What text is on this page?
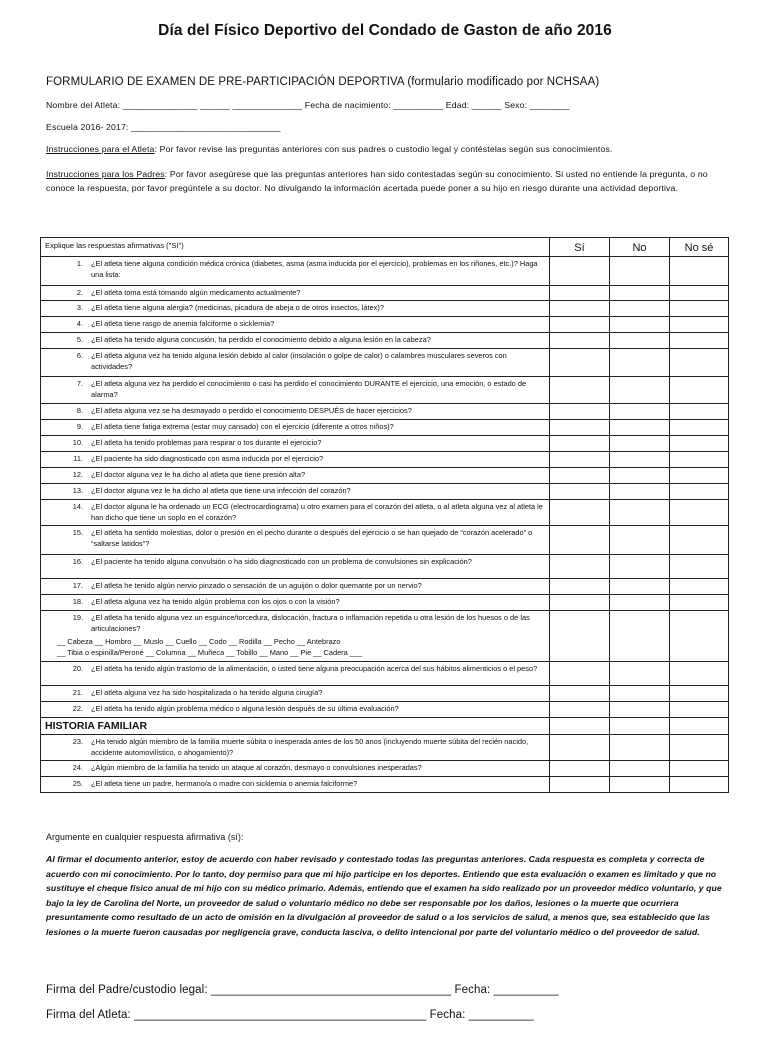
Día del Físico Deportivo del Condado de Gaston de año 2016
FORMULARIO DE EXAMEN DE PRE-PARTICIPACIÓN DEPORTIVA (formulario modificado por NCHSAA)
Nombre del Atleta: _______________ ______ ______________ Fecha de nacimiento: __________ Edad: ______ Sexo: ________
Escuela 2016- 2017: ______________________________
Instrucciones para el Atleta: Por favor revise las preguntas anteriores con sus padres o custodio legal y contéstelas según sus conocimientos.
Instrucciones para los Padres: Por favor asegúrese que las preguntas anteriores han sido contestadas según su conocimiento. Si usted no entiende la pregunta, o no conoce la respuesta, por favor pregúntele a su doctor. No divulgando la información acertada puede poner a su hijo en riesgo durante una actividad deportiva.
Explique las respuestas afirmativas ("Sí")	Sí	No	No sé

1. ¿El atleta tiene alguna condición médica crónica (diabetes, asma (asma inducida por el ejercicio), problemas en los riñones, etc.)? Haga una lista:			

2. ¿El atleta toma está tomando algún medicamento actualmente?			

3. ¿El atleta tiene alguna alergia? (medicinas, picadura de abeja o de otros insectos, látex)?			

4. ¿El atleta tiene rasgo de anemia falciforme o sicklemia?			

5. ¿El atleta ha tenido alguna concusión, ha perdido el conocimiento debido a alguna lesión en la cabeza?			

6. ¿El atleta alguna vez ha tenido alguna lesión debido al calor (insolación o golpe de calor) o calambres musculares severos con actividades?			

7. ¿El atleta alguna vez ha perdido el conocimiento o casi ha perdido el conocimiento DURANTE el ejercicio, una emoción, o estado de alarma?			

8. ¿El atleta alguna vez se ha desmayado o perdido el conocimiento DESPUÉS de hacer ejercicios?			

9. ¿El atleta tiene fatiga extrema (estar muy cansado) con el ejercicio (diferente a otros niños)?			

10. ¿El atleta ha tenido problemas para respirar o tos durante el ejercicio?			

11. ¿El paciente ha sido diagnosticado con asma inducida por el ejercicio?			

12. ¿El doctor alguna vez le ha dicho al atleta que tiene presión alta?			

13. ¿El doctor alguna vez le ha dicho al atleta que tiene una infección del corazón?			

14. ¿El doctor alguna le ha ordenado un ECG (electrocardiograma) u otro examen para el corazón del atleta, o al atleta alguna vez al atleta le han dicho que tiene un soplo en el corazón?			

15. ¿El atleta ha sentido molestias, dolor o presión en el pecho durante o después del ejercicio o se han quejado de “corazón acelerado” o “saltarse latidos”?			

16. ¿El paciente ha tenido alguna convulsión o ha sido diagnosticado con un problema de convulsiones sin explicación?			

17. ¿El atleta he tenido algún nervio pinzado o sensación de un aguijón o dolor quemante por un nervio?			

18. ¿El atleta alguna vez ha tenido algún problema con los ojos o con la visión?			

19. ¿El atleta ha tenido alguna vez un esguince/torcedura, dislocación, fractura o inflamación repetida u otra lesión de los huesos o de las articulaciones?
__ Cabeza __ Hombro __ Muslo __ Cuello __ Codo __ Rodilla __ Pecho __ Antebrazo
__ Tibia o espinilla/Peroné __ Columna __ Muñeca __ Tobillo __ Mano __ Pie __ Cadera ___			

20. ¿El atleta ha tenido algún trastorno de la alimentación, o usted tiene alguna preocupación acerca del sus hábitos alimenticios o el peso?			

21. ¿El atleta alguna vez ha sido hospitalizada o ha tenido alguna cirugía?			

22. ¿El atleta ha tenido algún problema médico o alguna lesión después de su última evaluación?			

HISTORIA FAMILIAR			

23. ¿Ha tenido algún miembro de la familia muerte súbita o inesperada antes de los 50 anos (incluyendo muerte súbita del recién nacido, accidente automovilístico, o ahogamiento)?			

24. ¿Algún miembro de la familia ha tenido un ataque al corazón, desmayo o convulsiones inesperadas?			

25. ¿El atleta tiene un padre, hermano/a o madre con sicklemia o anemia falciforme?			

Argumente en cualquier respuesta afirmativa (sí):
Al firmar el documento anterior, estoy de acuerdo con haber revisado y contestado todas las preguntas anteriores. Cada respuesta es completa y correcta de acuerdo con mi conocimiento. Por lo tanto, doy permiso para que mi hijo participe en los deportes. Entiendo que esta evaluación o examen es limitado y que no sustituye el cheque físico anual de mi hijo con su médico primario. Además, entiendo que el examen ha sido realizado por un proveedor médico voluntario, y que bajo la ley de Carolina del Norte, un proveedor de salud o voluntario médico no debe ser responsable por los daños, lesiones o la muerte que ocurriera presuntamente como resultado de un acto de omisión en la divulgación al proveedor de salud o a los servicios de salud, a menos que, sea establecido que las lesiones o la muerte fueron causadas por negligencia grave, conducta lasciva, o delito intencional por parte del voluntario médico o del proveedor de salud.
Firma del Padre/custodio legal: _____________________________________ Fecha: __________
Firma del Atleta: _____________________________________________ Fecha: __________
